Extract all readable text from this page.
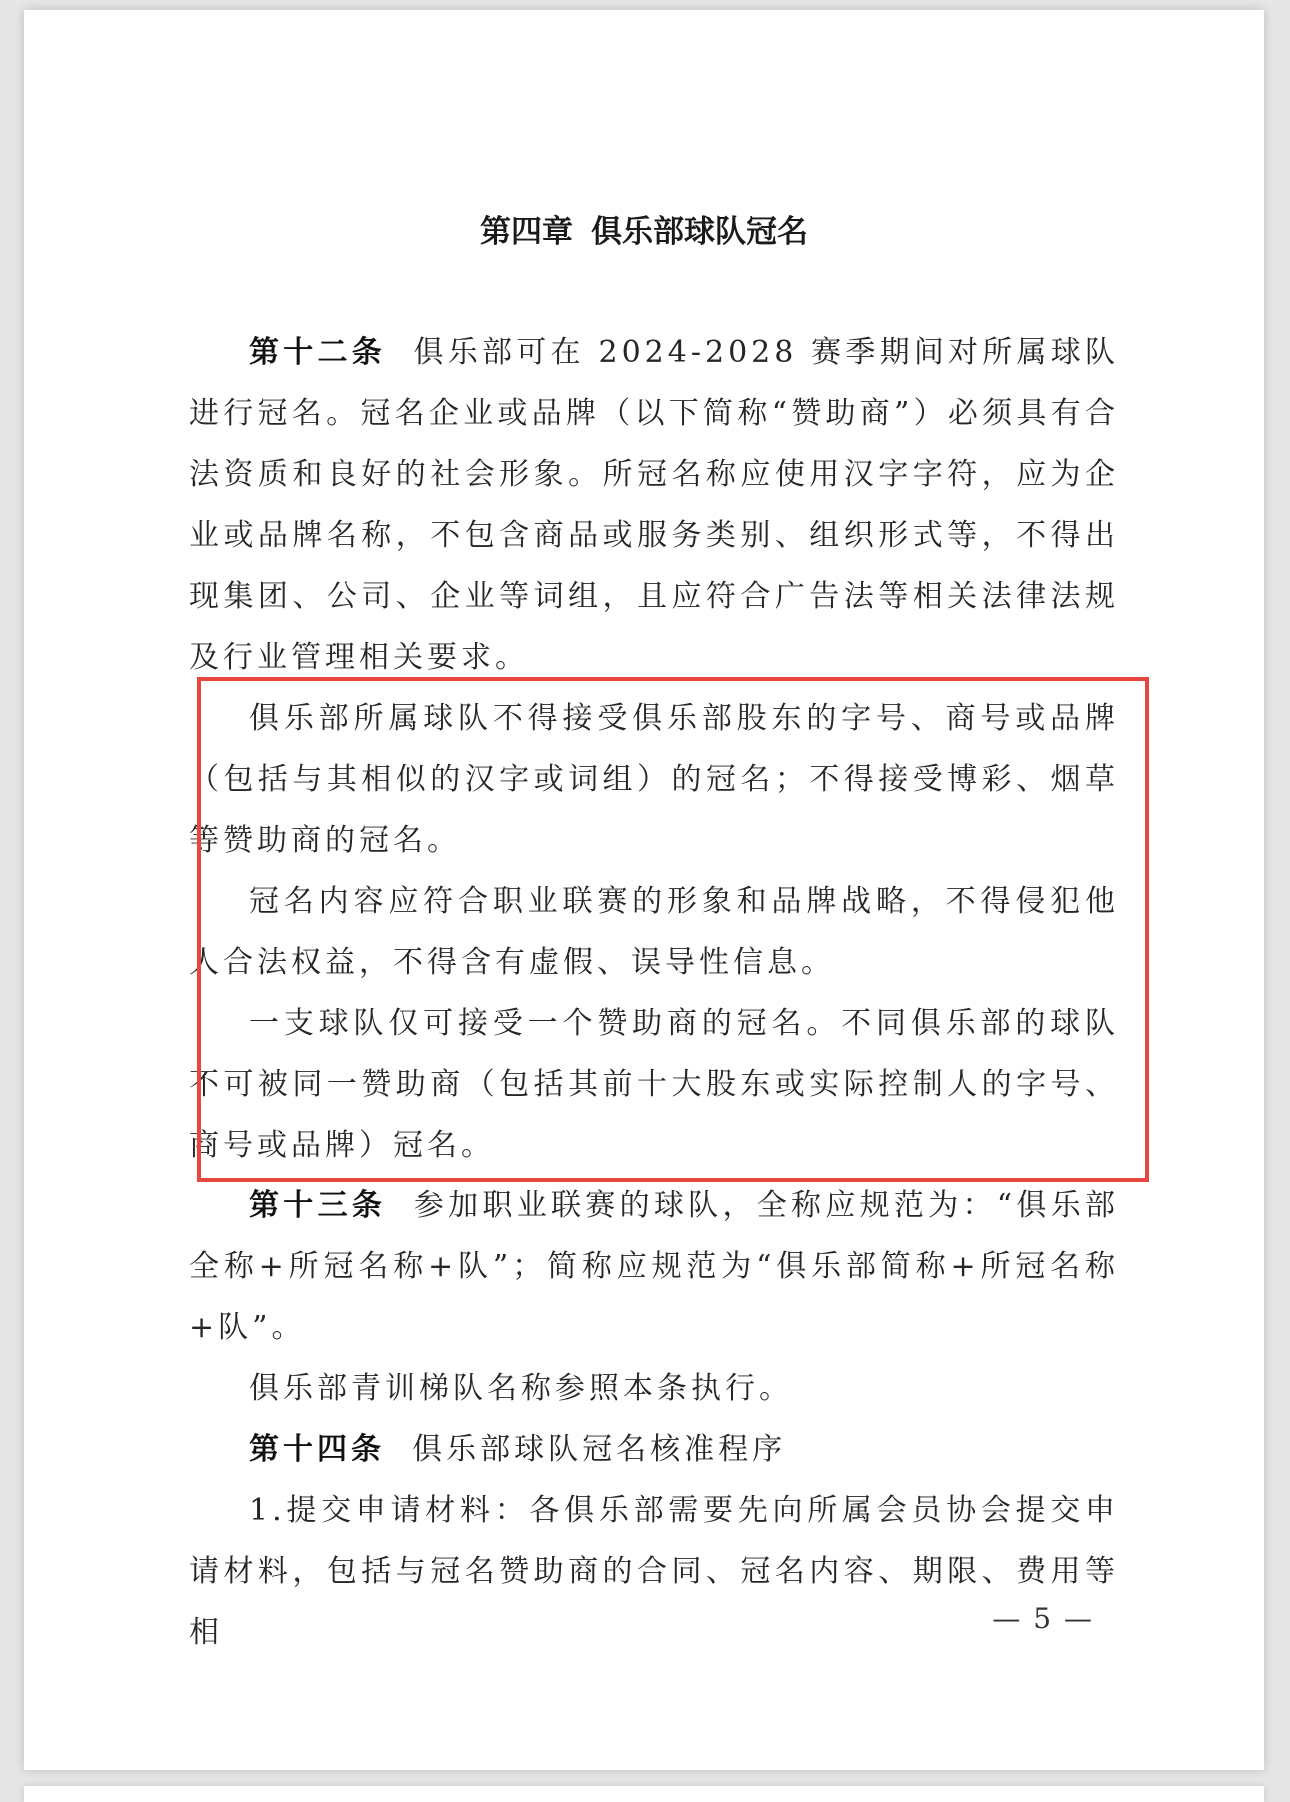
第四章 俱乐部球队冠名

第十二条 俱乐部可在 2024-2028 赛季期间对所属球队进行冠名。冠名企业或品牌（以下简称“赞助商”）必须具有合法资质和良好的社会形象。所冠名称应使用汉字字符，应为企业或品牌名称，不包含商品或服务类别、组织形式等，不得出现集团、公司、企业等词组，且应符合广告法等相关法律法规及行业管理相关要求。

俱乐部所属球队不得接受俱乐部股东的字号、商号或品牌（包括与其相似的汉字或词组）的冠名；不得接受博彩、烟草等赞助商的冠名。

冠名内容应符合职业联赛的形象和品牌战略，不得侵犯他人合法权益，不得含有虚假、误导性信息。

一支球队仅可接受一个赞助商的冠名。不同俱乐部的球队不可被同一赞助商（包括其前十大股东或实际控制人的字号、商号或品牌）冠名。

第十三条 参加职业联赛的球队，全称应规范为：“俱乐部全称+所冠名称+队”；简称应规范为“俱乐部简称+所冠名称+队”。

俱乐部青训梯队名称参照本条执行。

第十四条 俱乐部球队冠名核准程序

1.提交申请材料：各俱乐部需要先向所属会员协会提交申请材料，包括与冠名赞助商的合同、冠名内容、期限、费用等相	— 5 —
